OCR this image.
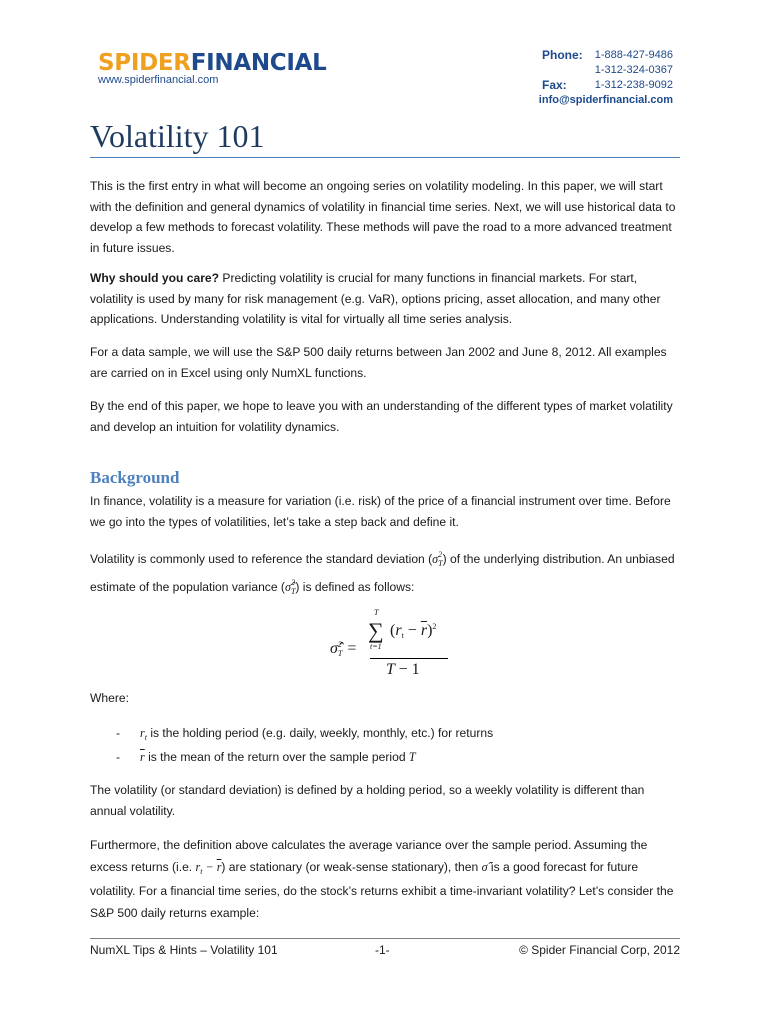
SPIDERFINANCIAL
www.spiderfinancial.com
Phone: 1-888-427-9486
1-312-324-0367
Fax:	1-312-238-9092
info@spiderfinancial.com
Volatility 101
This is the first entry in what will become an ongoing series on volatility modeling. In this paper, we will start with the definition and general dynamics of volatility in financial time series. Next, we will use historical data to develop a few methods to forecast volatility. These methods will pave the road to a more advanced treatment in future issues.
Why should you care? Predicting volatility is crucial for many functions in financial markets. For start, volatility is used by many for risk management (e.g. VaR), options pricing, asset allocation, and many other applications. Understanding volatility is vital for virtually all time series analysis.
For a data sample, we will use the S&P 500 daily returns between Jan 2002 and June 8, 2012. All examples are carried on in Excel using only NumXL functions.
By the end of this paper, we hope to leave you with an understanding of the different types of market volatility and develop an intuition for volatility dynamics.
Background
In finance, volatility is a measure for variation (i.e. risk) of the price of a financial instrument over time. Before we go into the types of volatilities, let’s take a step back and define it.
Volatility is commonly used to reference the standard deviation $(\sigma^2_T)$ of the underlying distribution. An unbiased estimate of the population variance (σ̂$^2_T$) is defined as follows:
σ̂$^2$T =
T
∑
t=1
$(rt - \overline{r})^2$
T − 1
Where:
- $r_t$ is the holding period (e.g. daily, weekly, monthly, etc.) for returns
- $\overline{r}$ is the mean of the return over the sample period T
The volatility (or standard deviation) is defined by a holding period, so a weekly volatility is different than annual volatility.
Furthermore, the definition above calculates the average variance over the sample period. Assuming the excess returns (i.e. $r_t - \overline{r}$) are stationary (or weak-sense stationary), then σ̂ is a good forecast for future volatility. For a financial time series, do the stock’s returns exhibit a time-invariant volatility? Let’s consider the S&P 500 daily returns example:
NumXL Tips & Hints – Volatility 101	-1-	© Spider Financial Corp, 2012
